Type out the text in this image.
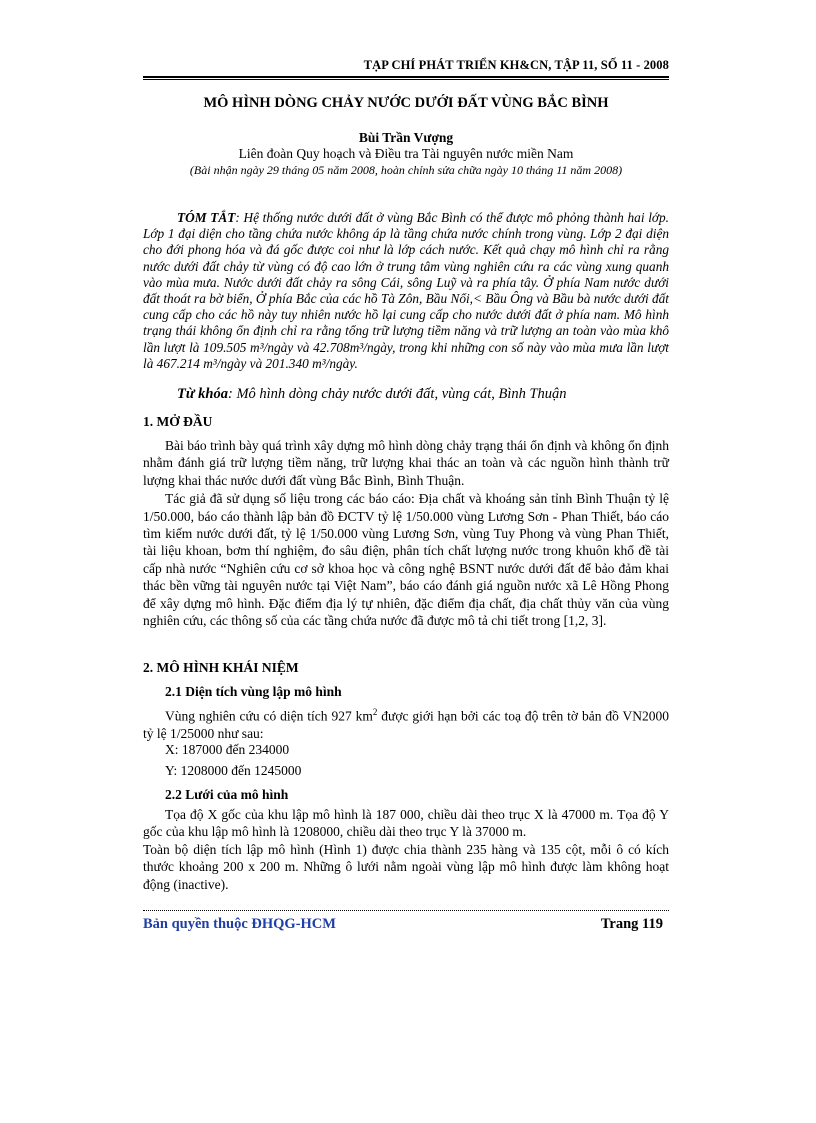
TẠP CHÍ PHÁT TRIỂN KH&CN, TẬP 11, SỐ 11 - 2008
MÔ HÌNH DÒNG CHẢY NƯỚC DƯỚI ĐẤT VÙNG BẮC BÌNH
Bùi Trần Vượng
Liên đoàn Quy hoạch và Điều tra Tài nguyên nước miền Nam
(Bài nhận ngày 29 tháng 05 năm 2008, hoàn chỉnh sửa chữa ngày 10 tháng 11 năm 2008)

TÓM TẮT: Hệ thống nước dưới đất ở vùng Bắc Bình có thể được mô phỏng thành hai lớp. Lớp 1 đại diện cho tầng chứa nước không áp là tầng chứa nước chính trong vùng. Lớp 2 đại diện cho đới phong hóa và đá gốc được coi như là lớp cách nước. Kết quả chạy mô hình chỉ ra rằng nước dưới đất chảy từ vùng có độ cao lớn ở trung tâm vùng nghiên cứu ra các vùng xung quanh vào mùa mưa. Nước dưới đất chảy ra sông Cái, sông Luỹ và ra phía tây. Ở phía Nam nước dưới đất thoát ra bờ biển, Ở phía Bắc của các hồ Tà Zôn, Bầu Nổi,< Bầu Ông và Bầu bà nước dưới đất cung cấp cho các hồ này tuy nhiên nước hồ lại cung cấp cho nước dưới đất ở phía nam. Mô hình trạng thái không ổn định chỉ ra rằng tổng trữ lượng tiềm năng và trữ lượng an toàn vào mùa khô lần lượt là 109.505 m³/ngày và 42.708m³/ngày, trong khi những con số này vào mùa mưa lần lượt là 467.214 m³/ngày và 201.340 m³/ngày.

Từ khóa: Mô hình dòng chảy nước dưới đất, vùng cát, Bình Thuận
1. MỞ ĐẦU

Bài báo trình bày quá trình xây dựng mô hình dòng chảy trạng thái ổn định và không ổn định nhằm đánh giá trữ lượng tiềm năng, trữ lượng khai thác an toàn và các nguồn hình thành trữ lượng khai thác nước dưới đất vùng Bắc Bình, Bình Thuận.

Tác giả đã sử dụng số liệu trong các báo cáo: Địa chất và khoáng sản tỉnh Bình Thuận tỷ lệ 1/50.000, báo cáo thành lập bản đồ ĐCTV tỷ lệ 1/50.000 vùng Lương Sơn - Phan Thiết, báo cáo tìm kiếm nước dưới đất, tỷ lệ 1/50.000 vùng Lương Sơn, vùng Tuy Phong và vùng Phan Thiết, tài liệu khoan, bơm thí nghiệm, đo sâu điện, phân tích chất lượng nước trong khuôn khổ đề tài cấp nhà nước “Nghiên cứu cơ sở khoa học và công nghệ BSNT nước dưới đất để bảo đảm khai thác bền vững tài nguyên nước tại Việt Nam”, báo cáo đánh giá nguồn nước xã Lê Hồng Phong để xây dựng mô hình. Đặc điểm địa lý tự nhiên, đặc điểm địa chất, địa chất thủy văn của vùng nghiên cứu, các thông số của các tầng chứa nước đã được mô tả chi tiết trong [1,2, 3].

2. MÔ HÌNH KHÁI NIỆM
2.1 Diện tích vùng lập mô hình

Vùng nghiên cứu có diện tích 927 $km^2$ được giới hạn bởi các toạ độ trên tờ bản đồ VN2000 tỷ lệ 1/25000 như sau:

X: 187000 đến 234000
Y: 1208000 đến 1245000
2.2 Lưới của mô hình

Tọa độ X gốc của khu lập mô hình là 187 000, chiều dài theo trục X là 47000 m. Tọa độ Y gốc của khu lập mô hình là 1208000, chiều dài theo trục Y là 37000 m.

Toàn bộ diện tích lập mô hình (Hình 1) được chia thành 235 hàng và 135 cột, mỗi ô có kích thước khoảng 200 x 200 m. Những ô lưới nằm ngoài vùng lập mô hình được làm không hoạt động (inactive).

Bản quyền thuộc ĐHQG-HCM	Trang 119
